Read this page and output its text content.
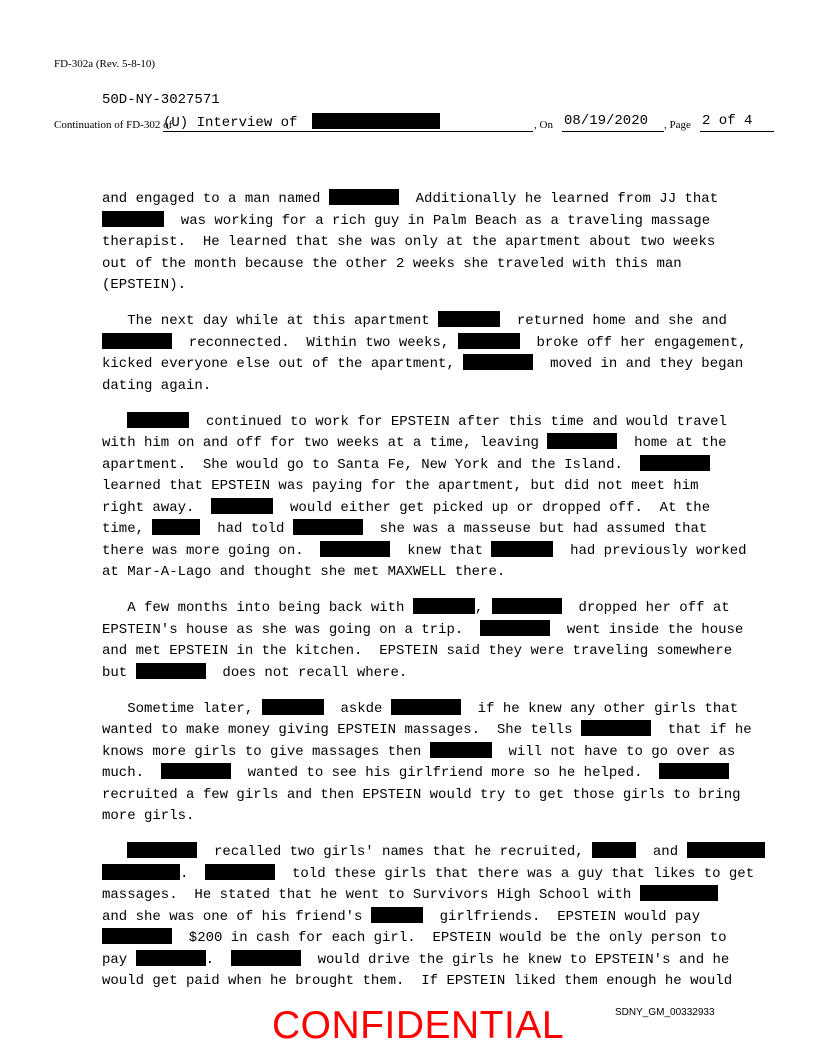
FD-302a (Rev. 5-8-10)
50D-NY-3027571
Continuation of FD-302 of
(U) Interview of	, On 08/19/2020	, Page 2 of 4
and engaged to a man named	Additionally he learned from JJ that
was working for a rich guy in Palm Beach as a traveling massage
therapist.  He learned that she was only at the apartment about two weeks
out of the month because the other 2 weeks she traveled with this man
(EPSTEIN).
The next day while at this apartment	returned home and she and
reconnected.  Within two weeks,	broke off her engagement,
kicked everyone else out of the apartment,	moved in and they began
dating again.
continued to work for EPSTEIN after this time and would travel
with him on and off for two weeks at a time, leaving	home at the
apartment.  She would go to Santa Fe, New York and the Island.
learned that EPSTEIN was paying for the apartment, but did not meet him
right away.	would either get picked up or dropped off.  At the
time,	had told	she was a masseuse but had assumed that
there was more going on.	knew that	had previously worked
at Mar-A-Lago and thought she met MAXWELL there.
A few months into being back with	,	dropped her off at
EPSTEIN's house as she was going on a trip.	went inside the house
and met EPSTEIN in the kitchen.  EPSTEIN said they were traveling somewhere
but	does not recall where.
Sometime later,	askde	if he knew any other girls that
wanted to make money giving EPSTEIN massages.  She tells	that if he
knows more girls to give massages then	will not have to go over as
much.	wanted to see his girlfriend more so he helped.
recruited a few girls and then EPSTEIN would try to get those girls to bring
more girls.
recalled two girls' names that he recruited,	and
.	told these girls that there was a guy that likes to get
massages.  He stated that he went to Survivors High School with
and she was one of his friend's	girlfriends.  EPSTEIN would pay
$200 in cash for each girl.  EPSTEIN would be the only person to
pay	.	would drive the girls he knew to EPSTEIN's and he
would get paid when he brought them.  If EPSTEIN liked them enough he would
CONFIDENTIAL	SDNY_GM_00332933
